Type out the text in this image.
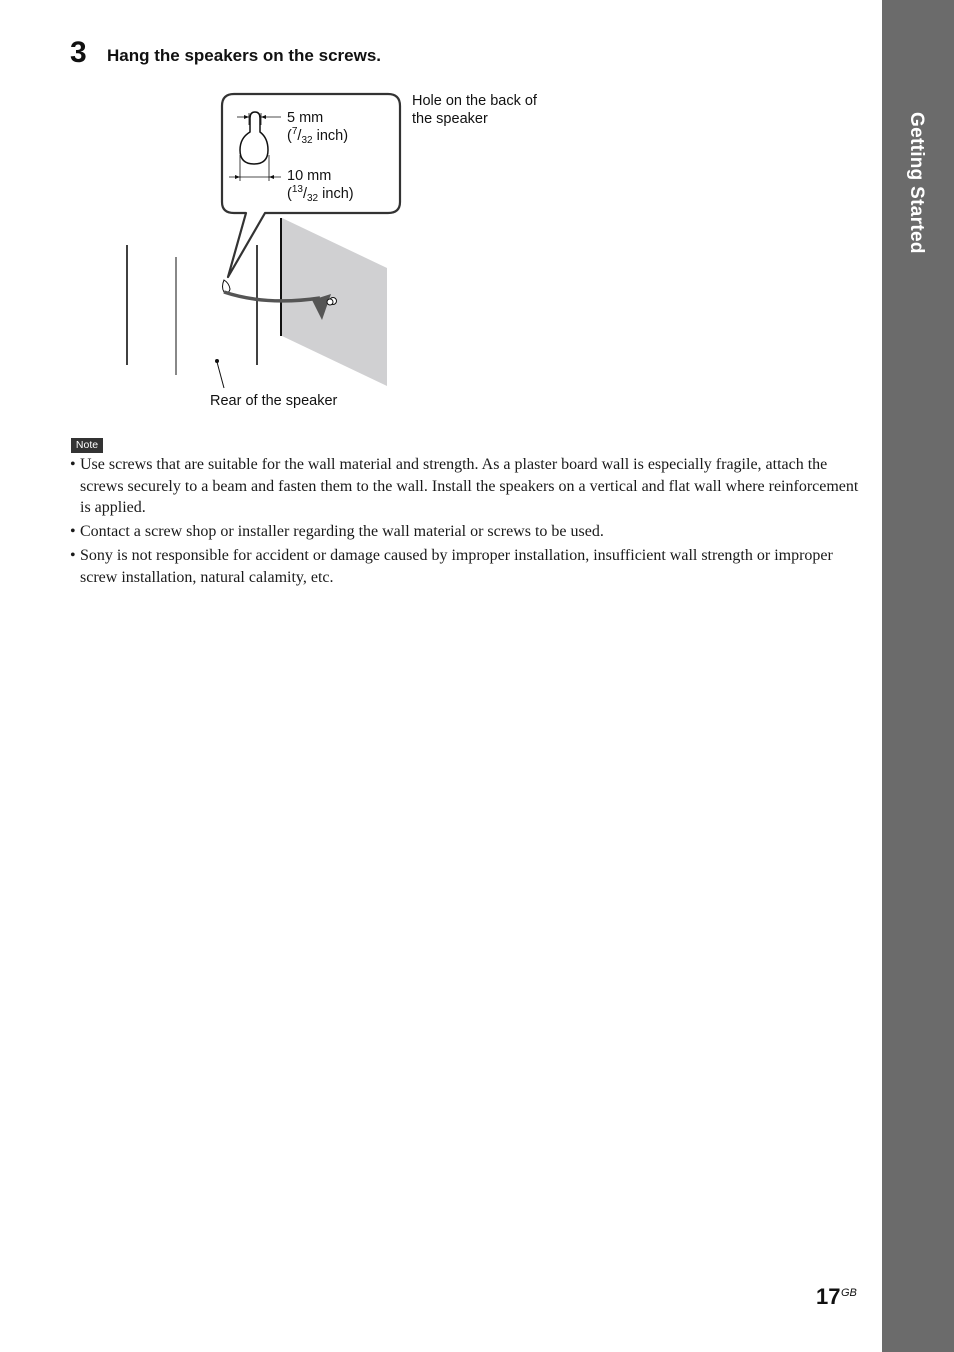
Getting Started
3 Hang the speakers on the screws.
Hole on the back of
the speaker
5 mm
($^7/_{32}$ inch)
10 mm
($^{13}/_{32}$ inch)
Rear of the speaker
Note
• Use screws that are suitable for the wall material and strength. As a plaster board wall is especially fragile, attach the screws securely to a beam and fasten them to the wall. Install the speakers on a vertical and flat wall where reinforcement is applied.
• Contact a screw shop or installer regarding the wall material or screws to be used.
• Sony is not responsible for accident or damage caused by improper installation, insufficient wall strength or improper screw installation, natural calamity, etc.
17 GB
